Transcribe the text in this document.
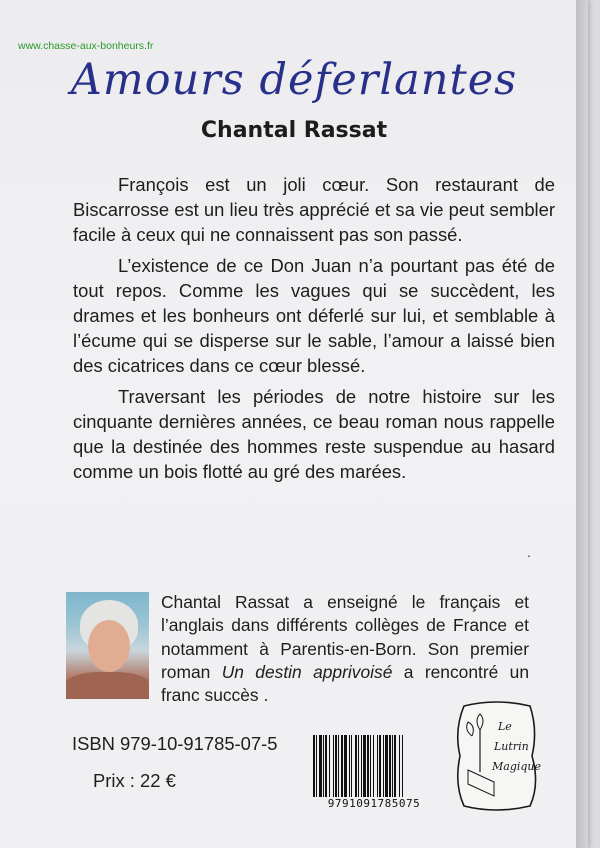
www.chasse-aux-bonheurs.fr
Amours déferlantes
Chantal Rassat

François est un joli cœur. Son restaurant de Biscarrosse est un lieu très apprécié et sa vie peut sembler facile à ceux qui ne connaissent pas son passé.

L’existence de ce Don Juan n’a pourtant pas été de tout repos. Comme les vagues qui se succèdent, les drames et les bonheurs ont déferlé sur lui, et semblable à l’écume qui se disperse sur le sable, l’amour a laissé bien des cicatrices dans ce cœur blessé.

Traversant les périodes de notre histoire sur les cinquante dernières années, ce beau roman nous rappelle que la destinée des hommes reste suspendue au hasard comme un bois flotté au gré des marées.

.
Chantal Rassat a enseigné le français et l’anglais dans différents collèges de France et notamment à Parentis-en-Born. Son premier roman Un destin apprivoisé a rencontré un franc succès .
ISBN 979-10-91785-07-5
Prix : 22 €
9791091785075
Le
Lutrin
Magique
